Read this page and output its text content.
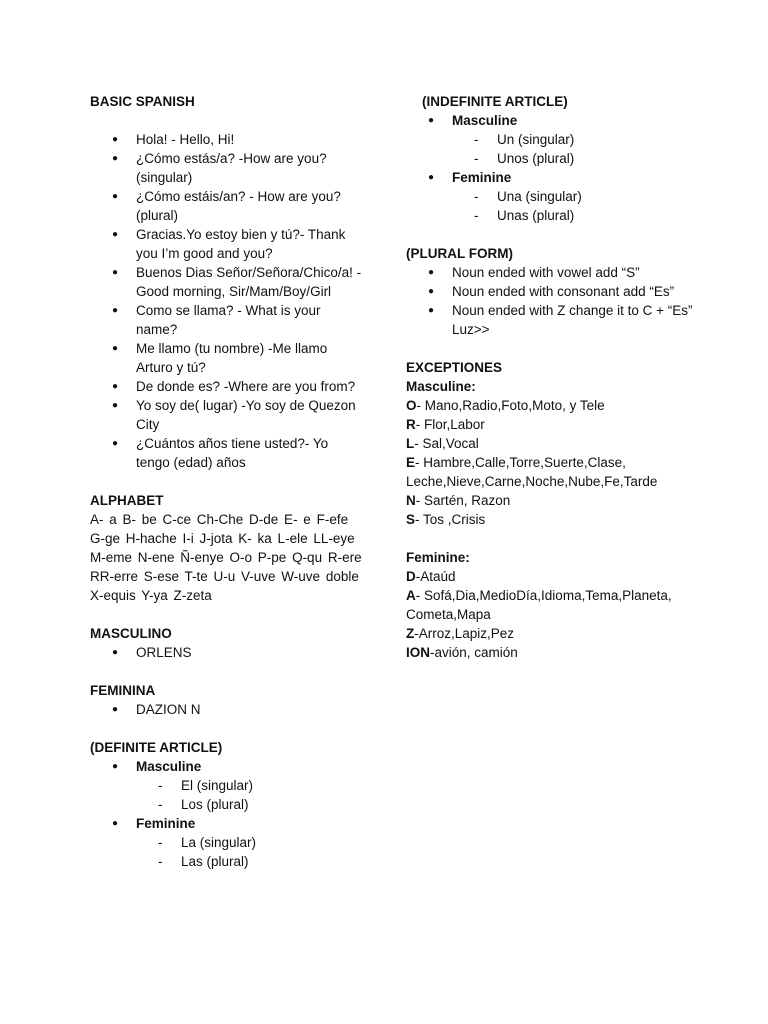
BASIC SPANISH

● Hola! - Hello, Hi!
● ¿Cómo estás/a? -How are you? (singular)
● ¿Cómo estáis/an? - How are you? (plural)
● Gracias.Yo estoy bien y tú?- Thank you I’m good and you?
● Buenos Dias Señor/Señora/Chico/a! -Good morning, Sir/Mam/Boy/Girl
● Como se llama? - What is your name?
● Me llamo (tu nombre) -Me llamo Arturo y tú?
● De donde es? -Where are you from?
● Yo soy de( lugar) -Yo soy de Quezon City
● ¿Cuántos años tiene usted?- Yo tengo (edad) años

ALPHABET

A- a B- be C-ce Ch-Che D-de E- e F-efe G-ge H-hache I-i J-jota K- ka L-ele LL-eye M-eme N-ene Ñ-enye O-o P-pe Q-qu R-ere RR-erre S-ese T-te U-u V-uve W-uve doble X-equis Y-ya Z-zeta

MASCULINO

● ORLENS

FEMININA

● DAZION N

(DEFINITE ARTICLE)

● Masculine
- El (singular)
- Los (plural)
● Feminine
- La (singular)
- Las (plural)

(INDEFINITE ARTICLE)

● Masculine
- Un (singular)
- Unos (plural)
● Feminine
- Una (singular)
- Unas (plural)

(PLURAL FORM)

● Noun ended with vowel add “S”
● Noun ended with consonant add “Es”
● Noun ended with Z change it to C + “Es” Luz>>

EXCEPTIONES

Masculine:

O- Mano,Radio,Foto,Moto, y Tele

R- Flor,Labor

L- Sal,Vocal

E- Hambre,Calle,Torre,Suerte,Clase, Leche,Nieve,Carne,Noche,Nube,Fe,Tarde

N- Sartén, Razon

S- Tos ,Crisis

Feminine:

D-Ataúd

A- Sofá,Dia,MedioDía,Idioma,Tema,Planeta,Cometa,Mapa

Z-Arroz,Lapiz,Pez

ION-avión, camión
